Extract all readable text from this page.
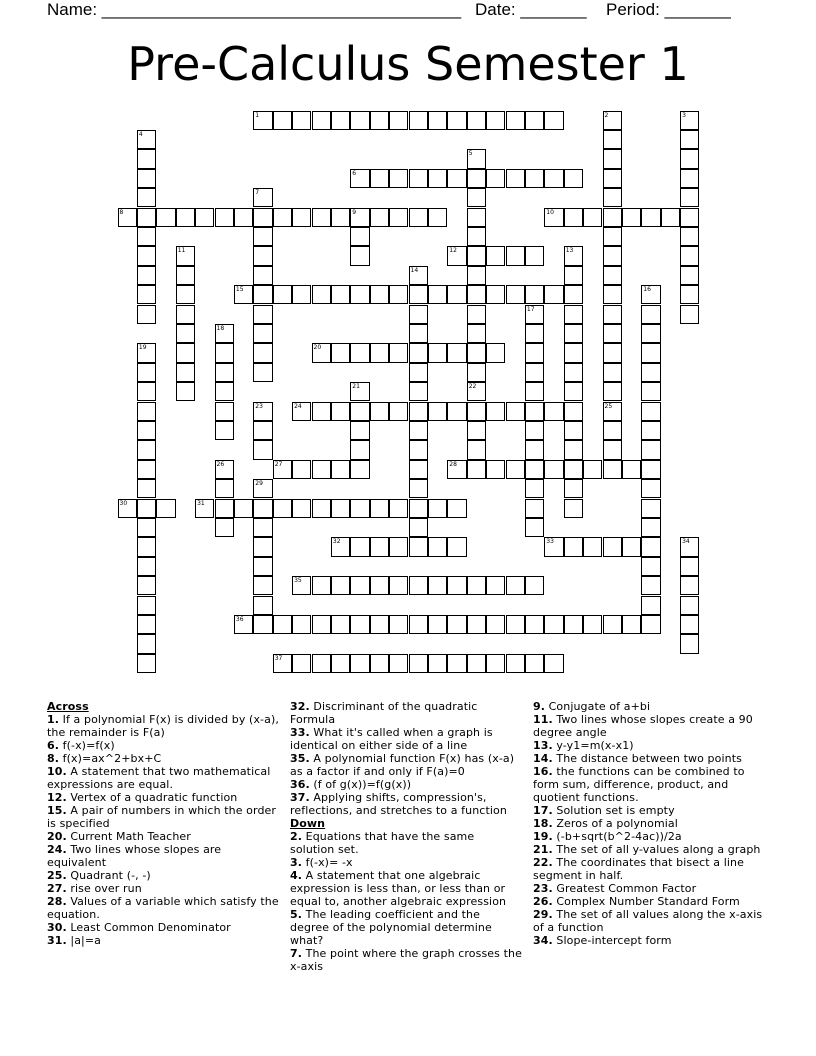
Name: ______________________________________ Date: _______ Period: _______
Pre-Calculus Semester 1
1	2
25
3
4
5
6
7
8	9	10
11	12	13
14
15	16
17
18
19	20
21	22
23	24
26	27	28
29
30	31
32	33	34
35
36
37
Across
1. If a polynomial F(x) is divided by (x-a), the remainder is F(a)
6. f(-x)=f(x)
8. f(x)=ax^2+bx+C
10. A statement that two mathematical expressions are equal.
12. Vertex of a quadratic function
15. A pair of numbers in which the order is specified
20. Current Math Teacher
24. Two lines whose slopes are equivalent
25. Quadrant (-, -)
27. rise over run
28. Values of a variable which satisfy the equation.
30. Least Common Denominator
31. |a|=a
32. Discriminant of the quadratic Formula
33. What it's called when a graph is identical on either side of a line
35. A polynomial function F(x) has (x-a) as a factor if and only if F(a)=0
36. (f of g(x))=f(g(x))
37. Applying shifts, compression's, reflections, and stretches to a function
Down
2. Equations that have the same solution set.
3. f(-x)= -x
4. A statement that one algebraic expression is less than, or less than or equal to, another algebraic expression
5. The leading coefficient and the degree of the polynomial determine what?
7. The point where the graph crosses the x-axis
9. Conjugate of a+bi
11. Two lines whose slopes create a 90 degree angle
13. y-y1=m(x-x1)
14. The distance between two points
16. the functions can be combined to form sum, difference, product, and quotient functions.
17. Solution set is empty
18. Zeros of a polynomial
19. (-b+sqrt(b^2-4ac))/2a
21. The set of all y-values along a graph
22. The coordinates that bisect a line segment in half.
23. Greatest Common Factor
26. Complex Number Standard Form
29. The set of all values along the x-axis of a function
34. Slope-intercept form
